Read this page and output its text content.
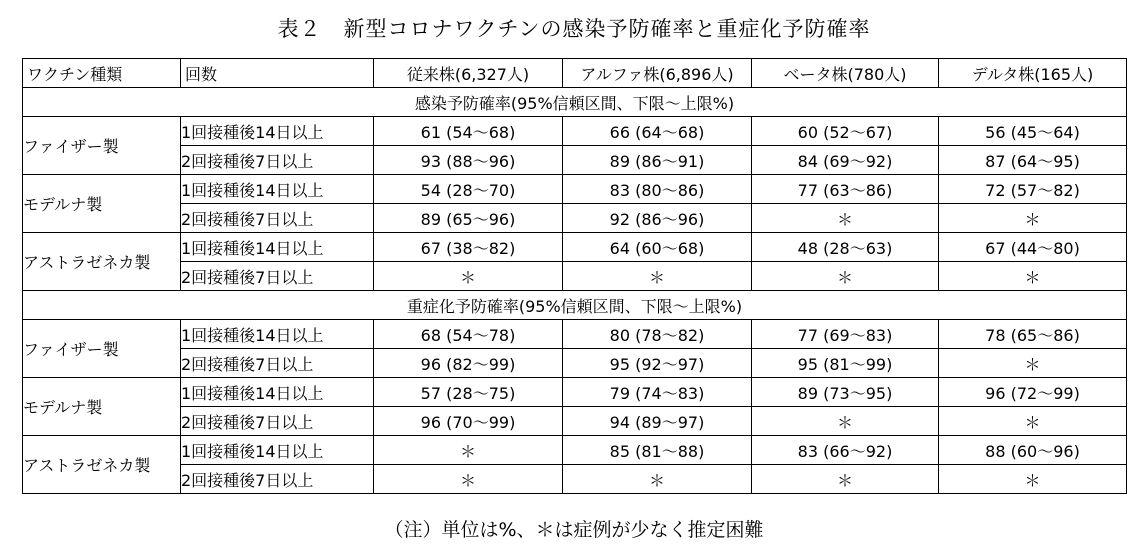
表２　新型コロナワクチンの感染予防確率と重症化予防確率
ワクチン種類	回数	従来株(6,327人)	アルファ株(6,896人)	ベータ株(780人)	デルタ株(165人)
感染予防確率(95%信頼区間、下限～上限%)					
ファイザー製	1回接種後14日以上	61 (54～68)	66 (64～68)	60 (52～67)	56 (45～64)
	2回接種後7日以上	93 (88～96)	89 (86～91)	84 (69～92)	87 (64～95)
モデルナ製	1回接種後14日以上	54 (28～70)	83 (80～86)	77 (63～86)	72 (57～82)
	2回接種後7日以上	89 (65～96)	92 (86～96)	＊	＊
アストラゼネカ製	1回接種後14日以上	67 (38～82)	64 (60～68)	48 (28～63)	67 (44～80)
	2回接種後7日以上	＊	＊	＊	＊
重症化予防確率(95%信頼区間、下限～上限%)					
ファイザー製	1回接種後14日以上	68 (54～78)	80 (78～82)	77 (69～83)	78 (65～86)
	2回接種後7日以上	96 (82～99)	95 (92～97)	95 (81～99)	＊
モデルナ製	1回接種後14日以上	57 (28～75)	79 (74～83)	89 (73～95)	96 (72～99)
	2回接種後7日以上	96 (70～99)	94 (89～97)	＊	＊
アストラゼネカ製	1回接種後14日以上	＊	85 (81～88)	83 (66～92)	88 (60～96)
	2回接種後7日以上	＊	＊	＊	＊
（注）単位は%、＊は症例が少なく推定困難
